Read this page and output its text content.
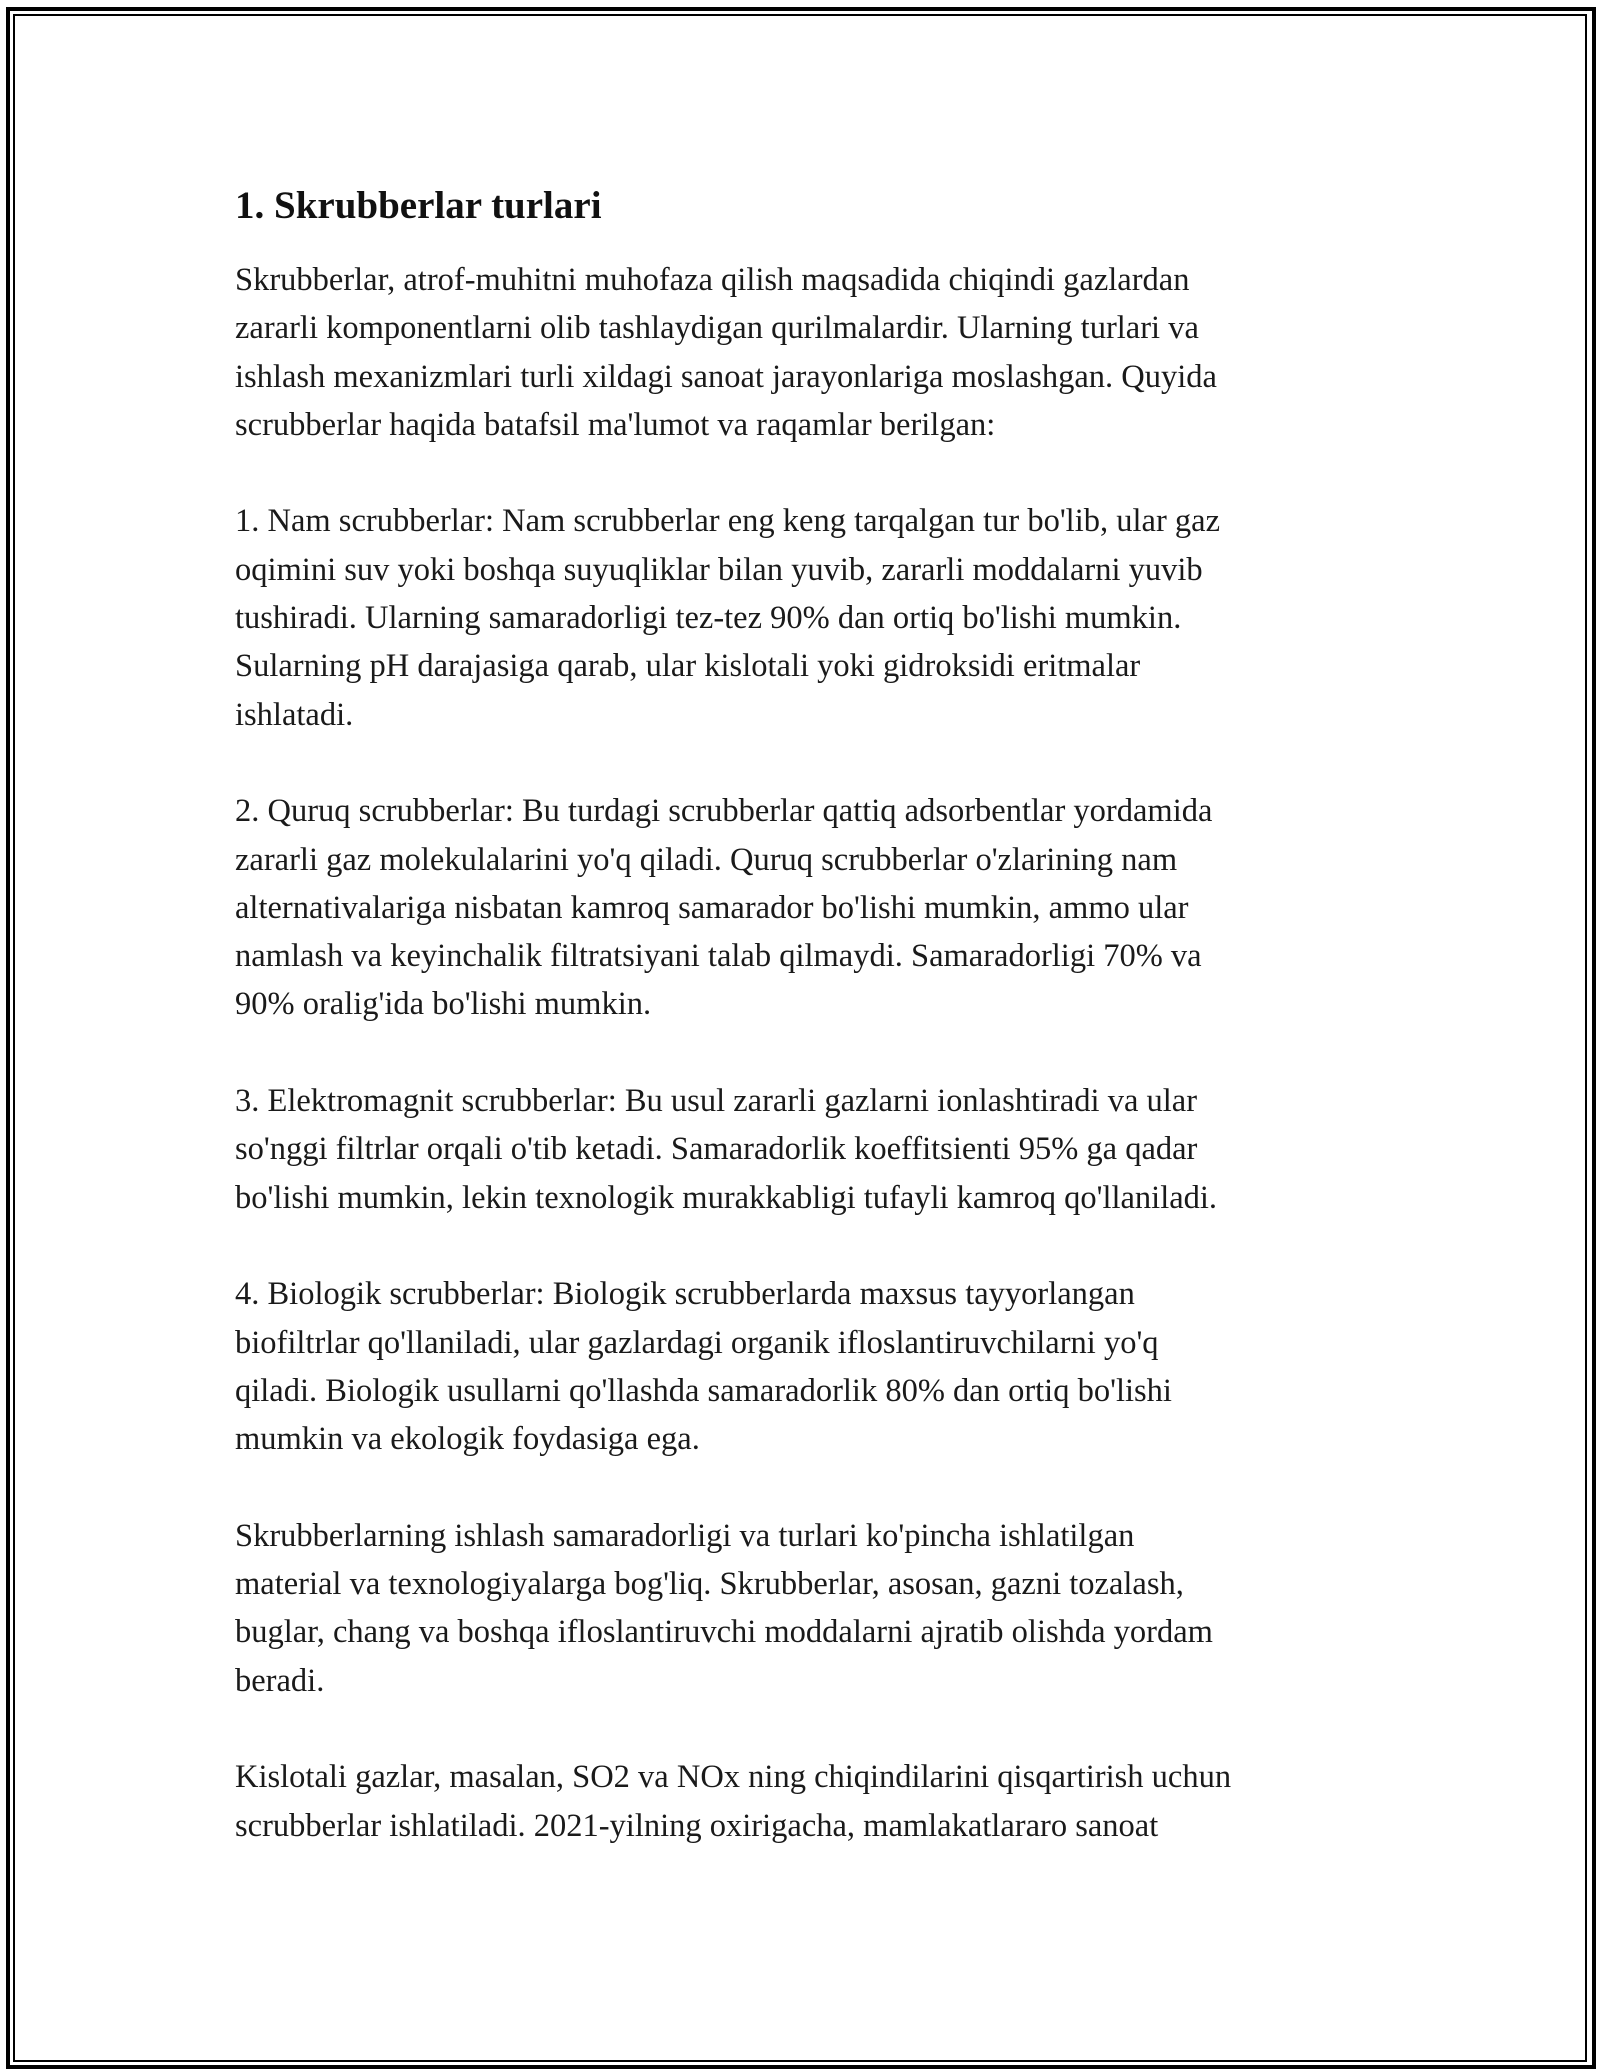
1. Skrubberlar turlari

Skrubberlar, atrof-muhitni muhofaza qilish maqsadida chiqindi gazlardan
zararli komponentlarni olib tashlaydigan qurilmalardir. Ularning turlari va
ishlash mexanizmlari turli xildagi sanoat jarayonlariga moslashgan. Quyida
scrubberlar haqida batafsil ma'lumot va raqamlar berilgan:

1. Nam scrubberlar: Nam scrubberlar eng keng tarqalgan tur bo'lib, ular gaz
oqimini suv yoki boshqa suyuqliklar bilan yuvib, zararli moddalarni yuvib
tushiradi. Ularning samaradorligi tez-tez 90% dan ortiq bo'lishi mumkin.
Sularning pH darajasiga qarab, ular kislotali yoki gidroksidi eritmalar
ishlatadi.

2. Quruq scrubberlar: Bu turdagi scrubberlar qattiq adsorbentlar yordamida
zararli gaz molekulalarini yo'q qiladi. Quruq scrubberlar o'zlarining nam
alternativalariga nisbatan kamroq samarador bo'lishi mumkin, ammo ular
namlash va keyinchalik filtratsiyani talab qilmaydi. Samaradorligi 70% va
90% oralig'ida bo'lishi mumkin.

3. Elektromagnit scrubberlar: Bu usul zararli gazlarni ionlashtiradi va ular
so'nggi filtrlar orqali o'tib ketadi. Samaradorlik koeffitsienti 95% ga qadar
bo'lishi mumkin, lekin texnologik murakkabligi tufayli kamroq qo'llaniladi.

4. Biologik scrubberlar: Biologik scrubberlarda maxsus tayyorlangan
biofiltrlar qo'llaniladi, ular gazlardagi organik ifloslantiruvchilarni yo'q
qiladi. Biologik usullarni qo'llashda samaradorlik 80% dan ortiq bo'lishi
mumkin va ekologik foydasiga ega.

Skrubberlarning ishlash samaradorligi va turlari ko'pincha ishlatilgan
material va texnologiyalarga bog'liq. Skrubberlar, asosan, gazni tozalash,
buglar, chang va boshqa ifloslantiruvchi moddalarni ajratib olishda yordam
beradi.

Kislotali gazlar, masalan, SO2 va NOx ning chiqindilarini qisqartirish uchun
scrubberlar ishlatiladi. 2021-yilning oxirigacha, mamlakatlararo sanoat
